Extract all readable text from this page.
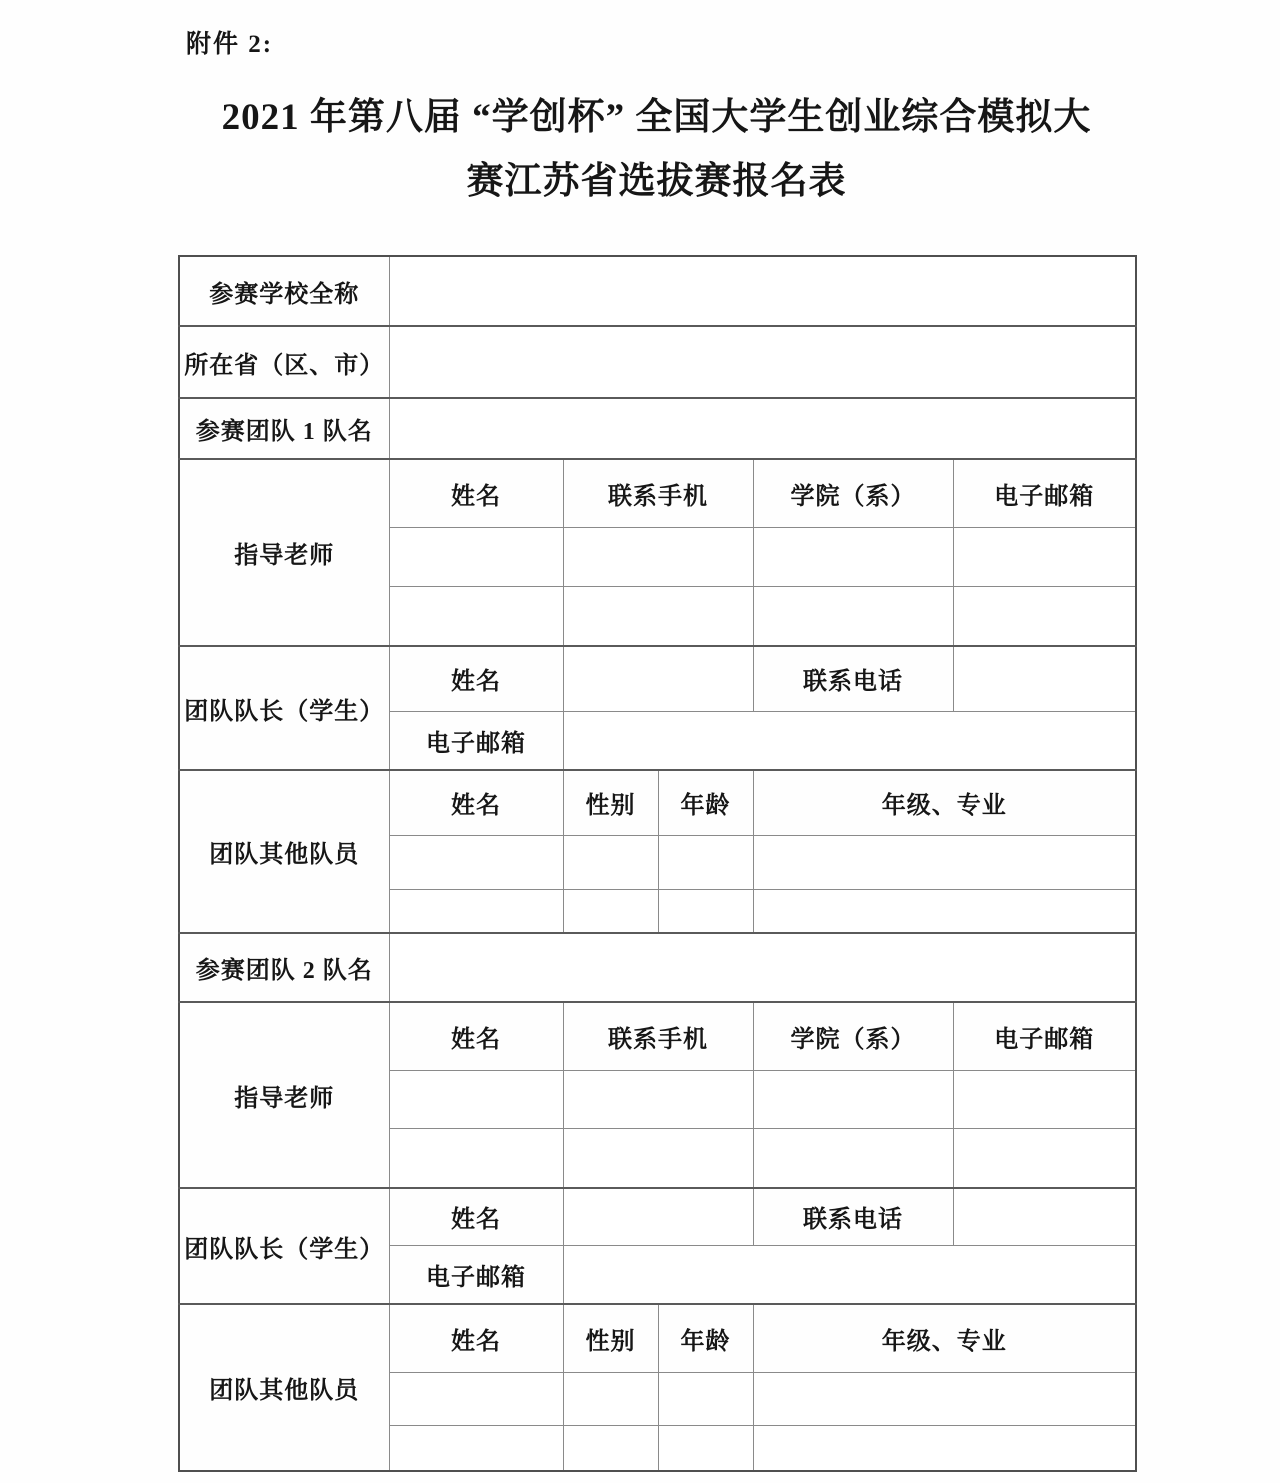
附件 2:
2021 年第八届 “学创杯” 全国大学生创业综合模拟大
赛江苏省选拔赛报名表
参赛学校全称					
所在省（区、市）					
参赛团队 1 队名					
指导老师	姓名	联系手机		学院（系）	电子邮箱

团队队长（学生）	姓名			联系电话	
	电子邮箱				
团队其他队员	姓名	性别	年龄	年级、专业	

参赛团队 2 队名					
指导老师	姓名	联系手机		学院（系）	电子邮箱

团队队长（学生）	姓名			联系电话	
	电子邮箱				
团队其他队员	姓名	性别	年龄	年级、专业	
